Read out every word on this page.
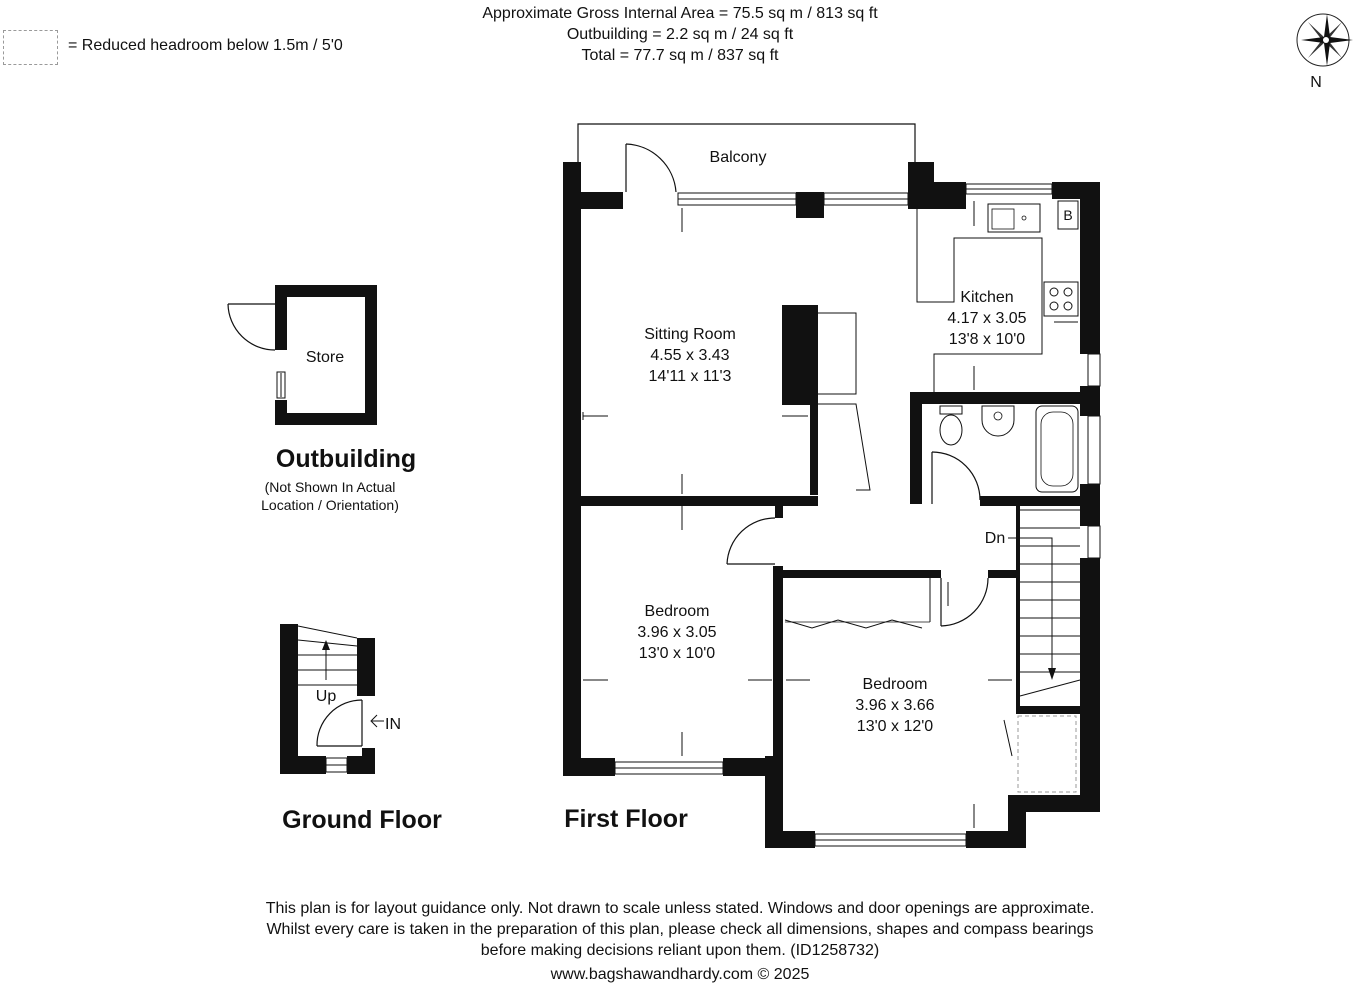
Approximate Gross Internal Area = 75.5 sq m / 813 sq ft
Outbuilding = 2.2 sq m / 24 sq ft
Total = 77.7 sq m / 837 sq ft
= Reduced headroom below 1.5m / 5'0
N
Store
Outbuilding
(Not Shown In Actual
Location / Orientation)
Up
IN
Ground Floor
Balcony
B
Dn
Sitting Room
4.55 x 3.43
14'11 x 11'3
Kitchen
4.17 x 3.05
13'8 x 10'0
Bedroom
3.96 x 3.05
13'0 x 10'0
Bedroom
3.96 x 3.66
13'0 x 12'0
First Floor
This plan is for layout guidance only. Not drawn to scale unless stated. Windows and door openings are approximate.
Whilst every care is taken in the preparation of this plan, please check all dimensions, shapes and compass bearings
before making decisions reliant upon them. (ID1258732)
www.bagshawandhardy.com © 2025
